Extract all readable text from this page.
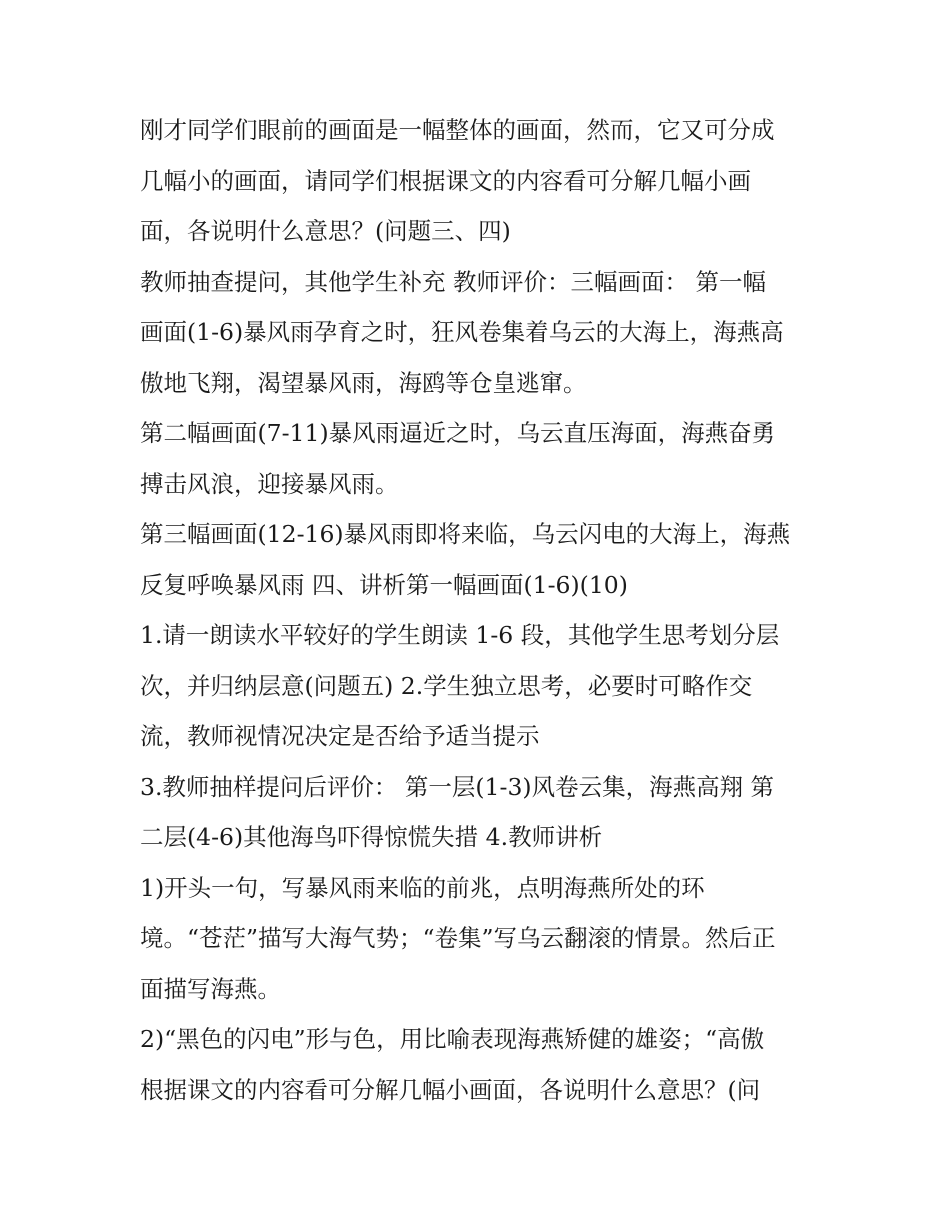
刚才同学们眼前的画面是一幅整体的画面，然而，它又可分成
几幅小的画面，请同学们根据课文的内容看可分解几幅小画
面，各说明什么意思？(问题三、四)
教师抽查提问，其他学生补充 教师评价：三幅画面： 第一幅
画面(1-6)暴风雨孕育之时，狂风卷集着乌云的大海上，海燕高
傲地飞翔，渴望暴风雨，海鸥等仓皇逃窜。
第二幅画面(7-11)暴风雨逼近之时，乌云直压海面，海燕奋勇
搏击风浪，迎接暴风雨。
第三幅画面(12-16)暴风雨即将来临，乌云闪电的大海上，海燕
反复呼唤暴风雨 四、讲析第一幅画面(1-6)(10)
1.请一朗读水平较好的学生朗读 1-6 段，其他学生思考划分层
次，并归纳层意(问题五) 2.学生独立思考，必要时可略作交
流，教师视情况决定是否给予适当提示
3.教师抽样提问后评价： 第一层(1-3)风卷云集，海燕高翔 第
二层(4-6)其他海鸟吓得惊慌失措 4.教师讲析
1)开头一句，写暴风雨来临的前兆，点明海燕所处的环
境。“苍茫”描写大海气势；“卷集”写乌云翻滚的情景。然后正
面描写海燕。
2)“黑色的闪电”形与色，用比喻表现海燕矫健的雄姿；“高傲
根据课文的内容看可分解几幅小画面，各说明什么意思？(问
